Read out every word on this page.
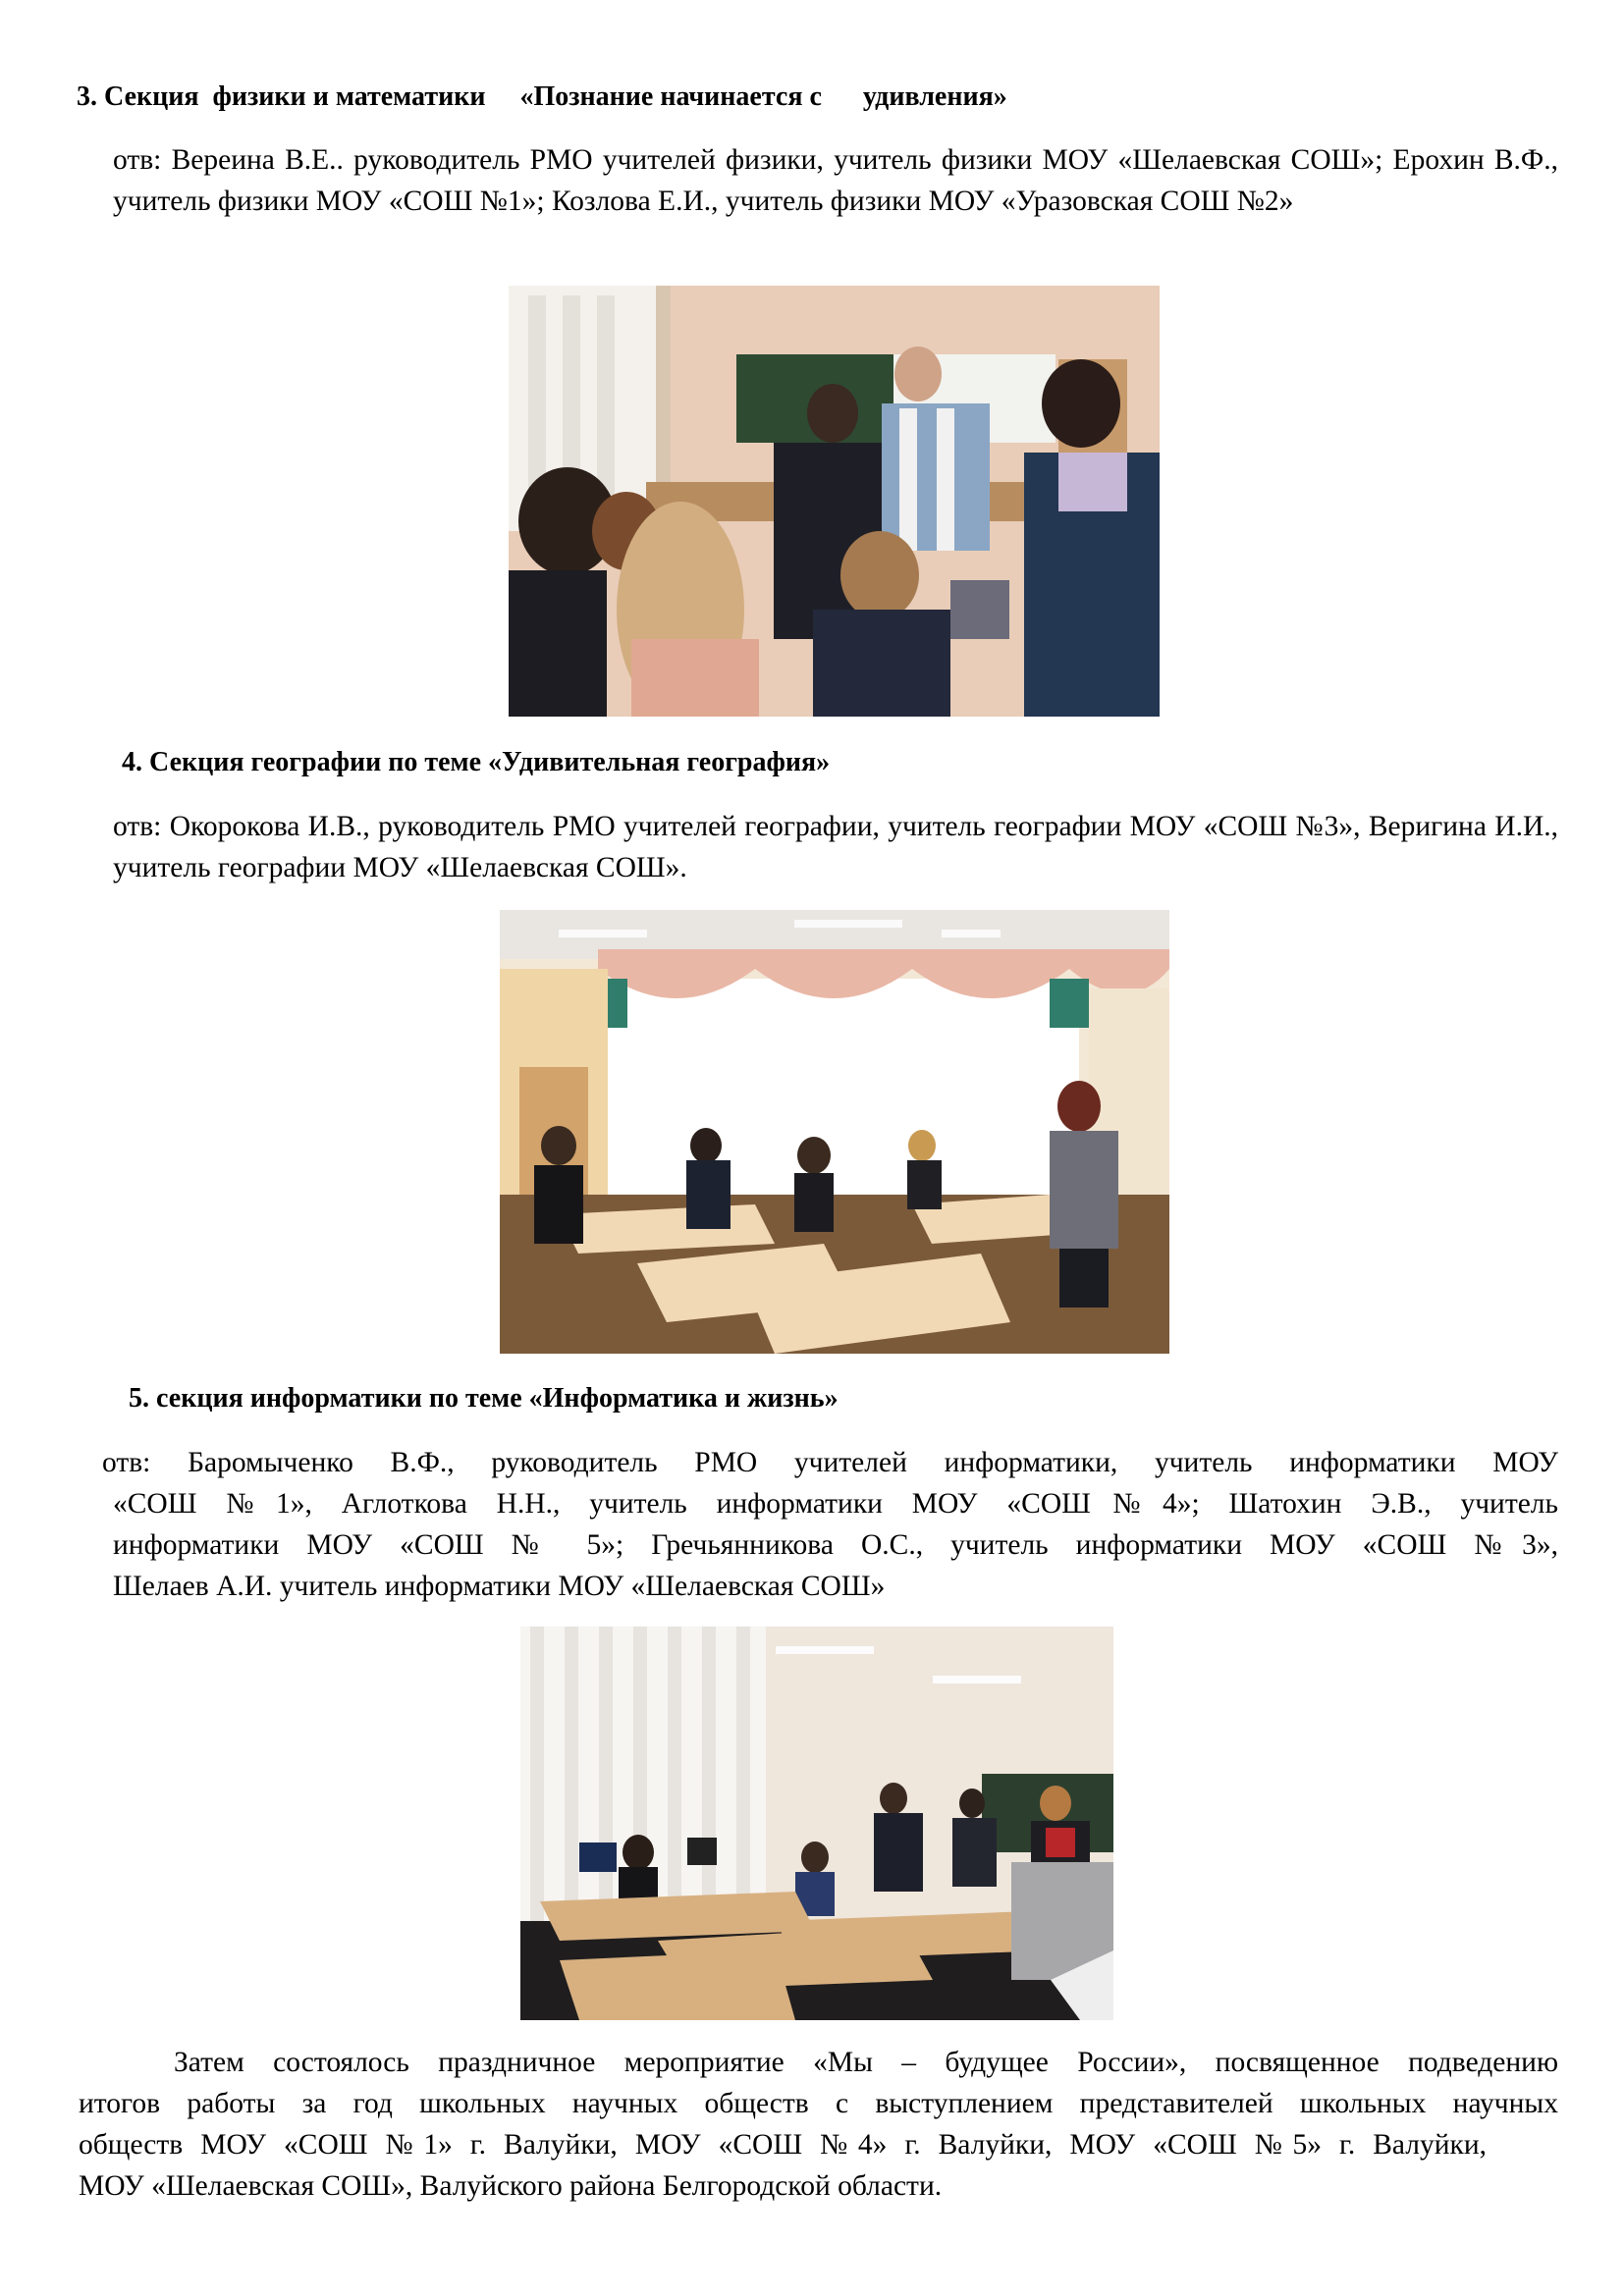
3. Секция  физики и математики     «Познание начинается с      удивления»
отв: Вереина В.Е.. руководитель РМО учителей физики, учитель физики МОУ «Шелаевская СОШ»; Ерохин В.Ф., учитель физики МОУ «СОШ №1»; Козлова Е.И., учитель физики МОУ «Уразовская СОШ №2»
4. Секция географии по теме «Удивительная география»
отв: Окорокова И.В., руководитель РМО учителей географии, учитель географии МОУ «СОШ №3», Веригина И.И., учитель географии МОУ «Шелаевская СОШ».
5. секция информатики по теме «Информатика и жизнь»
отв: Баромыченко В.Ф., руководитель РМО учителей информатики, учитель информатики МОУ
«СОШ №1», Аглоткова Н.Н., учитель информатики МОУ «СОШ№4»; Шатохин Э.В., учитель
информатики МОУ «СОШ № 5»; Гречьянникова О.С., учитель информатики МОУ «СОШ №3»,
Шелаев А.И. учитель информатики МОУ «Шелаевская СОШ»
Затем состоялось праздничное мероприятие «Мы – будущее России», посвященное подведению
итогов работы за год школьных научных обществ с выступлением представителей школьных научных
обществ МОУ «СОШ №1» г. Валуйки, МОУ «СОШ №4» г. Валуйки, МОУ «СОШ №5» г. Валуйки,
МОУ «Шелаевская СОШ», Валуйского района Белгородской области.
